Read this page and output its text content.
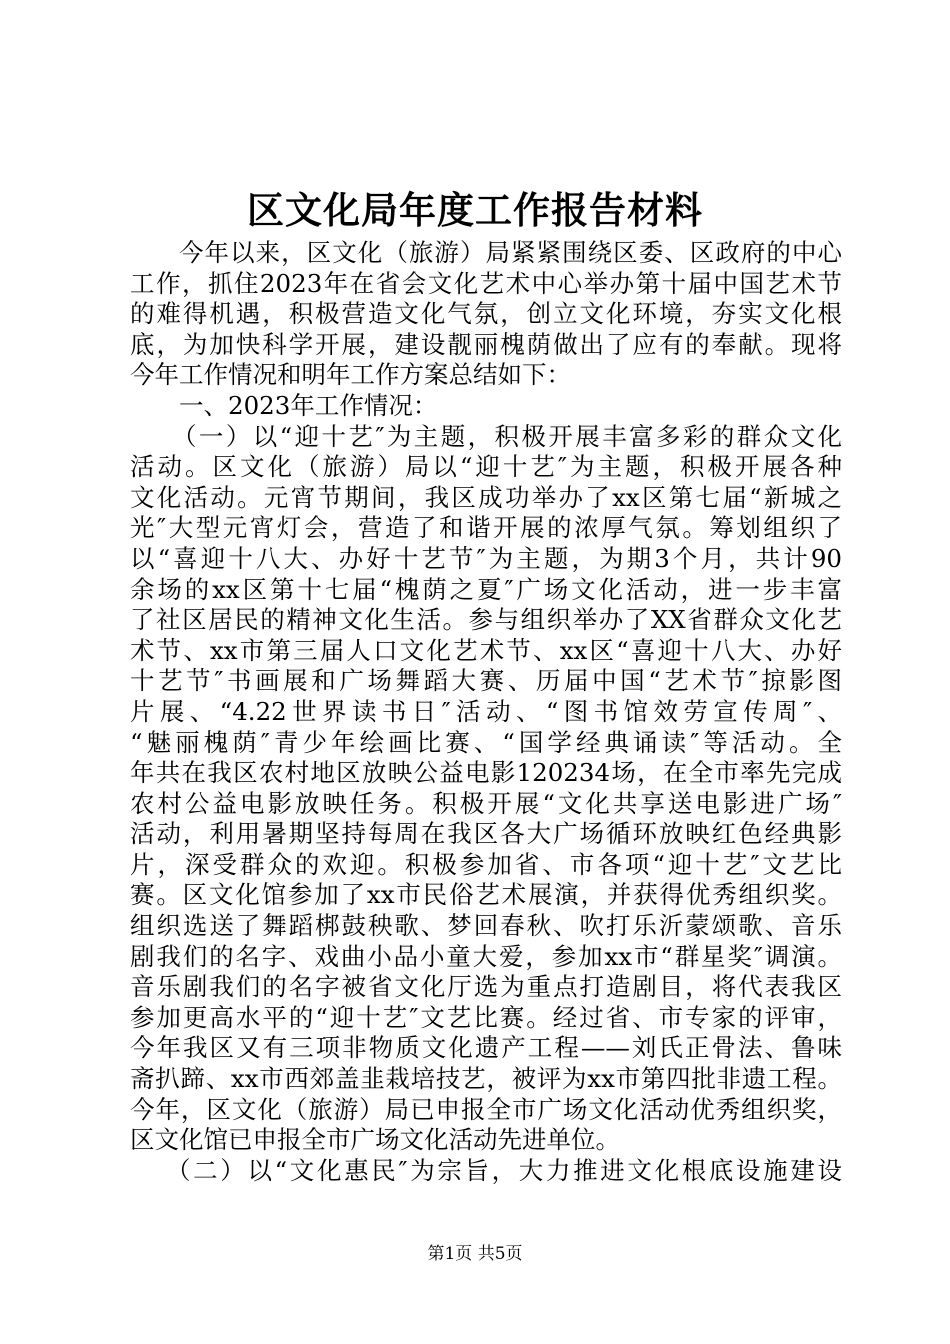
区文化局年度工作报告材料
今年以来，区文化（旅游）局紧紧围绕区委、区政府的中心
工作，抓住2023年在省会文化艺术中心举办第十届中国艺术节
的难得机遇，积极营造文化气氛，创立文化环境，夯实文化根
底，为加快科学开展，建设靓丽槐荫做出了应有的奉献。现将
今年工作情况和明年工作方案总结如下：
一、2023年工作情况：
（一）以“迎十艺″为主题，积极开展丰富多彩的群众文化
活动。区文化（旅游）局以“迎十艺″为主题，积极开展各种
文化活动。元宵节期间，我区成功举办了xx区第七届“新城之
光″大型元宵灯会，营造了和谐开展的浓厚气氛。筹划组织了
以“喜迎十八大、办好十艺节″为主题，为期3个月，共计90
余场的xx区第十七届“槐荫之夏″广场文化活动，进一步丰富
了社区居民的精神文化生活。参与组织举办了XX省群众文化艺
术节、xx市第三届人口文化艺术节、xx区“喜迎十八大、办好
十艺节″书画展和广场舞蹈大赛、历届中国“艺术节″掠影图
片展、“4.22世界读书日″活动、“图书馆效劳宣传周″、
“魅丽槐荫″青少年绘画比赛、“国学经典诵读″等活动。全
年共在我区农村地区放映公益电影120234场，在全市率先完成
农村公益电影放映任务。积极开展“文化共享送电影进广场″
活动，利用暑期坚持每周在我区各大广场循环放映红色经典影
片，深受群众的欢迎。积极参加省、市各项“迎十艺″文艺比
赛。区文化馆参加了xx市民俗艺术展演，并获得优秀组织奖。
组织选送了舞蹈梆鼓秧歌、梦回春秋、吹打乐沂蒙颂歌、音乐
剧我们的名字、戏曲小品小童大爱，参加xx市“群星奖″调演。
音乐剧我们的名字被省文化厅选为重点打造剧目，将代表我区
参加更高水平的“迎十艺″文艺比赛。经过省、市专家的评审，
今年我区又有三项非物质文化遗产工程——刘氏正骨法、鲁味
斋扒蹄、xx市西郊盖韭栽培技艺，被评为xx市第四批非遗工程。
今年，区文化（旅游）局已申报全市广场文化活动优秀组织奖，
区文化馆已申报全市广场文化活动先进单位。
（二）以“文化惠民″为宗旨，大力推进文化根底设施建设
第1页 共5页
